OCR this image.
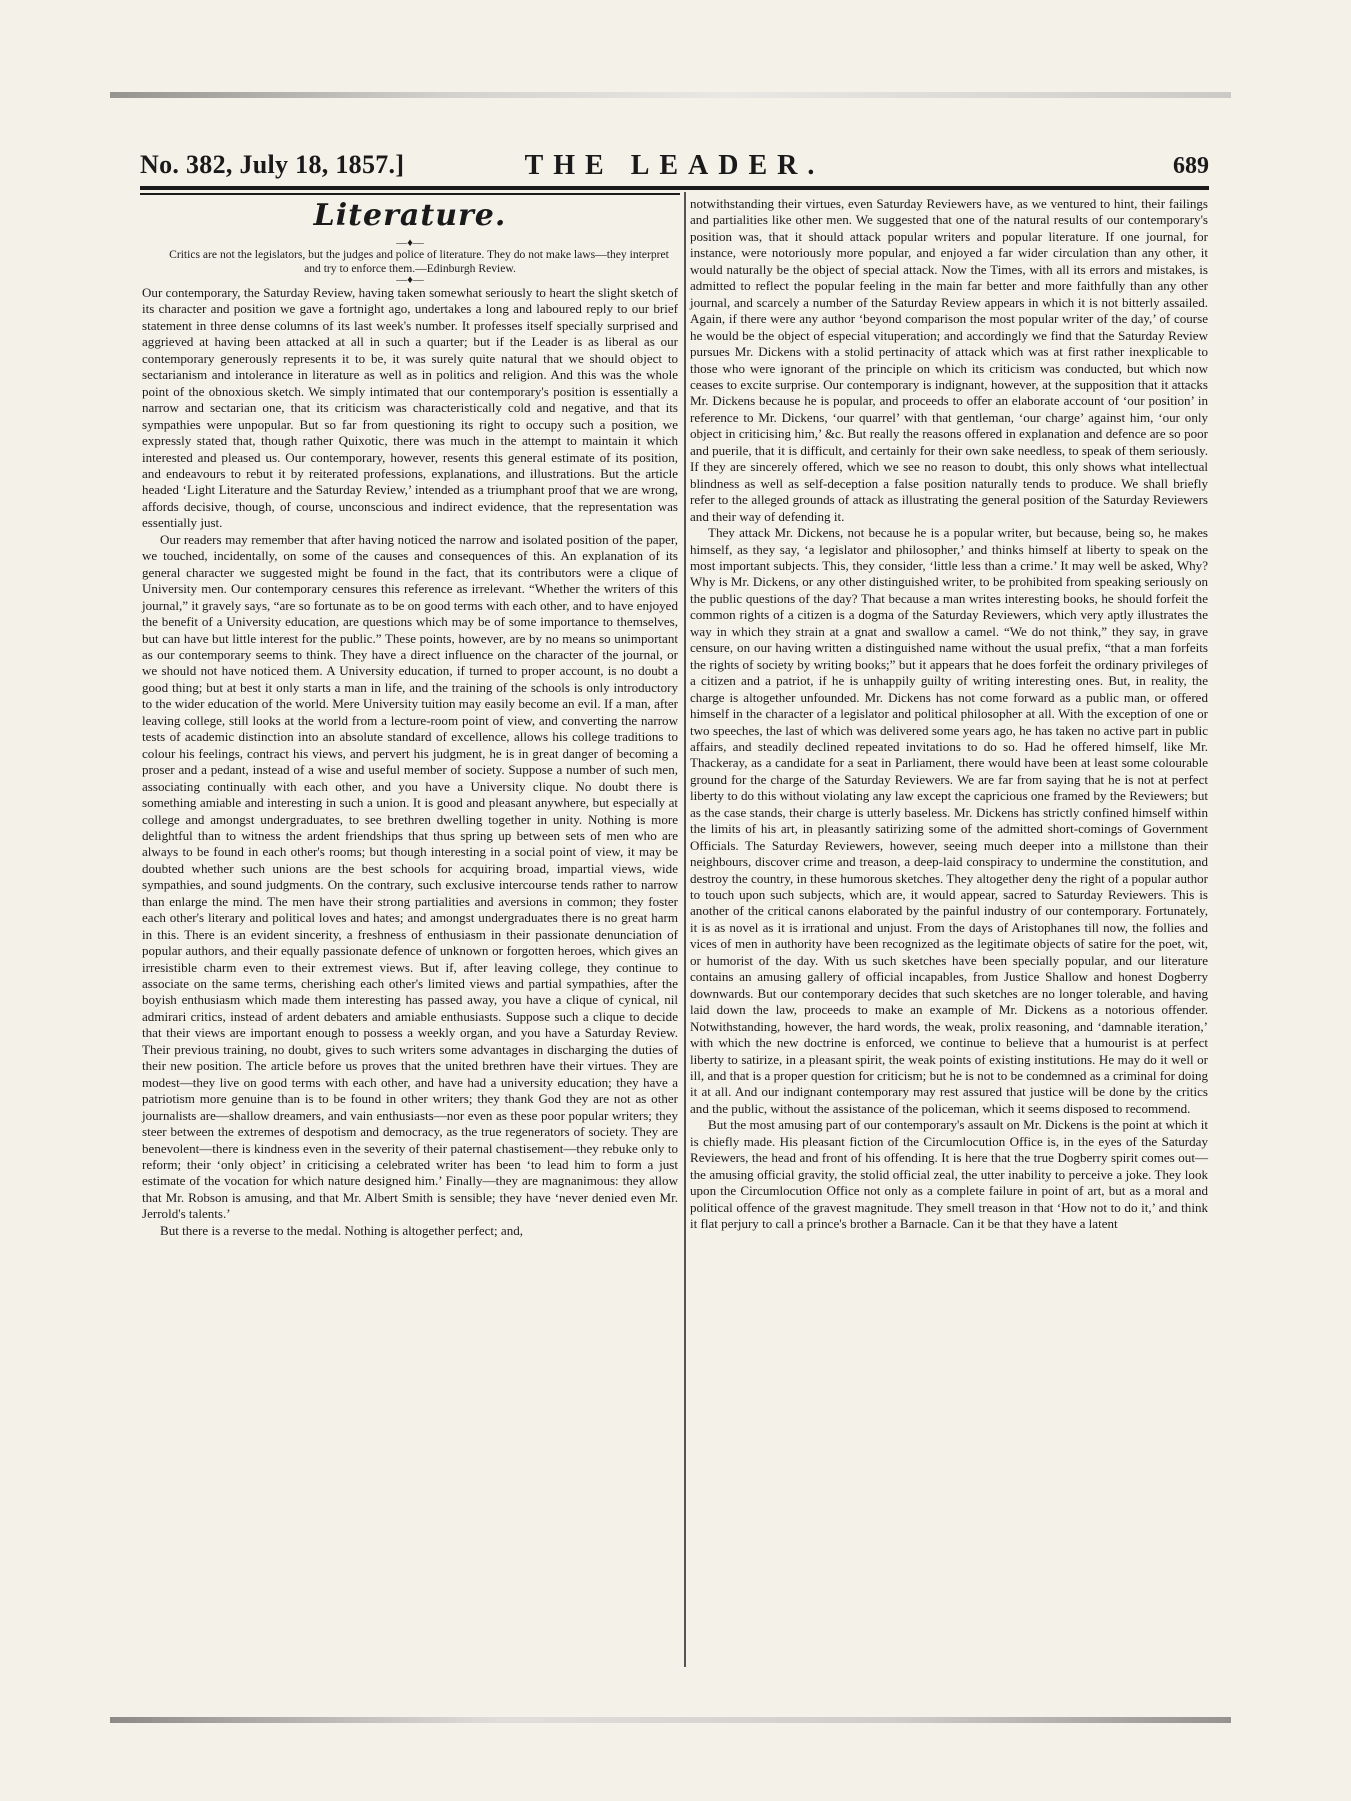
No. 382, July 18, 1857.]	THE LEADER.	689
Literature.
—♦—

Critics are not the legislators, but the judges and police of literature. They do not make laws—they interpret and try to enforce them.—Edinburgh Review.

—♦—

Our contemporary, the Saturday Review, having taken somewhat seriously to heart the slight sketch of its character and position we gave a fortnight ago, undertakes a long and laboured reply to our brief statement in three dense columns of its last week's number. It professes itself specially surprised and aggrieved at having been attacked at all in such a quarter; but if the Leader is as liberal as our contemporary generously represents it to be, it was surely quite natural that we should object to sectarianism and intolerance in literature as well as in politics and religion. And this was the whole point of the obnoxious sketch. We simply intimated that our contemporary's position is essentially a narrow and sectarian one, that its criticism was characteristically cold and negative, and that its sympathies were unpopular. But so far from questioning its right to occupy such a position, we expressly stated that, though rather Quixotic, there was much in the attempt to maintain it which interested and pleased us. Our contemporary, however, resents this general estimate of its position, and endeavours to rebut it by reiterated professions, explanations, and illustrations. But the article headed ‘Light Literature and the Saturday Review,’ intended as a triumphant proof that we are wrong, affords decisive, though, of course, unconscious and indirect evidence, that the representation was essentially just.

Our readers may remember that after having noticed the narrow and isolated position of the paper, we touched, incidentally, on some of the causes and consequences of this. An explanation of its general character we suggested might be found in the fact, that its contributors were a clique of University men. Our contemporary censures this reference as irrelevant. “Whether the writers of this journal,” it gravely says, “are so fortunate as to be on good terms with each other, and to have enjoyed the benefit of a University education, are questions which may be of some importance to themselves, but can have but little interest for the public.” These points, however, are by no means so unimportant as our contemporary seems to think. They have a direct influence on the character of the journal, or we should not have noticed them. A University education, if turned to proper account, is no doubt a good thing; but at best it only starts a man in life, and the training of the schools is only introductory to the wider education of the world. Mere University tuition may easily become an evil. If a man, after leaving college, still looks at the world from a lecture-room point of view, and converting the narrow tests of academic distinction into an absolute standard of excellence, allows his college traditions to colour his feelings, contract his views, and pervert his judgment, he is in great danger of becoming a proser and a pedant, instead of a wise and useful member of society. Suppose a number of such men, associating continually with each other, and you have a University clique. No doubt there is something amiable and interesting in such a union. It is good and pleasant anywhere, but especially at college and amongst undergraduates, to see brethren dwelling together in unity. Nothing is more delightful than to witness the ardent friendships that thus spring up between sets of men who are always to be found in each other's rooms; but though interesting in a social point of view, it may be doubted whether such unions are the best schools for acquiring broad, impartial views, wide sympathies, and sound judgments. On the contrary, such exclusive intercourse tends rather to narrow than enlarge the mind. The men have their strong partialities and aversions in common; they foster each other's literary and political loves and hates; and amongst undergraduates there is no great harm in this. There is an evident sincerity, a freshness of enthusiasm in their passionate denunciation of popular authors, and their equally passionate defence of unknown or forgotten heroes, which gives an irresistible charm even to their extremest views. But if, after leaving college, they continue to associate on the same terms, cherishing each other's limited views and partial sympathies, after the boyish enthusiasm which made them interesting has passed away, you have a clique of cynical, nil admirari critics, instead of ardent debaters and amiable enthusiasts. Suppose such a clique to decide that their views are important enough to possess a weekly organ, and you have a Saturday Review. Their previous training, no doubt, gives to such writers some advantages in discharging the duties of their new position. The article before us proves that the united brethren have their virtues. They are modest—they live on good terms with each other, and have had a university education; they have a patriotism more genuine than is to be found in other writers; they thank God they are not as other journalists are—shallow dreamers, and vain enthusiasts—nor even as these poor popular writers; they steer between the extremes of despotism and democracy, as the true regenerators of society. They are benevolent—there is kindness even in the severity of their paternal chastisement—they rebuke only to reform; their ‘only object’ in criticising a celebrated writer has been ‘to lead him to form a just estimate of the vocation for which nature designed him.’ Finally—they are magnanimous: they allow that Mr. Robson is amusing, and that Mr. Albert Smith is sensible; they have ‘never denied even Mr. Jerrold's talents.’

But there is a reverse to the medal. Nothing is altogether perfect; and,

notwithstanding their virtues, even Saturday Reviewers have, as we ventured to hint, their failings and partialities like other men. We suggested that one of the natural results of our contemporary's position was, that it should attack popular writers and popular literature. If one journal, for instance, were notoriously more popular, and enjoyed a far wider circulation than any other, it would naturally be the object of special attack. Now the Times, with all its errors and mistakes, is admitted to reflect the popular feeling in the main far better and more faithfully than any other journal, and scarcely a number of the Saturday Review appears in which it is not bitterly assailed. Again, if there were any author ‘beyond comparison the most popular writer of the day,’ of course he would be the object of especial vituperation; and accordingly we find that the Saturday Review pursues Mr. Dickens with a stolid pertinacity of attack which was at first rather inexplicable to those who were ignorant of the principle on which its criticism was conducted, but which now ceases to excite surprise. Our contemporary is indignant, however, at the supposition that it attacks Mr. Dickens because he is popular, and proceeds to offer an elaborate account of ‘our position’ in reference to Mr. Dickens, ‘our quarrel’ with that gentleman, ‘our charge’ against him, ‘our only object in criticising him,’ &c. But really the reasons offered in explanation and defence are so poor and puerile, that it is difficult, and certainly for their own sake needless, to speak of them seriously. If they are sincerely offered, which we see no reason to doubt, this only shows what intellectual blindness as well as self-deception a false position naturally tends to produce. We shall briefly refer to the alleged grounds of attack as illustrating the general position of the Saturday Reviewers and their way of defending it.

They attack Mr. Dickens, not because he is a popular writer, but because, being so, he makes himself, as they say, ‘a legislator and philosopher,’ and thinks himself at liberty to speak on the most important subjects. This, they consider, ‘little less than a crime.’ It may well be asked, Why? Why is Mr. Dickens, or any other distinguished writer, to be prohibited from speaking seriously on the public questions of the day? That because a man writes interesting books, he should forfeit the common rights of a citizen is a dogma of the Saturday Reviewers, which very aptly illustrates the way in which they strain at a gnat and swallow a camel. “We do not think,” they say, in grave censure, on our having written a distinguished name without the usual prefix, “that a man forfeits the rights of society by writing books;” but it appears that he does forfeit the ordinary privileges of a citizen and a patriot, if he is unhappily guilty of writing interesting ones. But, in reality, the charge is altogether unfounded. Mr. Dickens has not come forward as a public man, or offered himself in the character of a legislator and political philosopher at all. With the exception of one or two speeches, the last of which was delivered some years ago, he has taken no active part in public affairs, and steadily declined repeated invitations to do so. Had he offered himself, like Mr. Thackeray, as a candidate for a seat in Parliament, there would have been at least some colourable ground for the charge of the Saturday Reviewers. We are far from saying that he is not at perfect liberty to do this without violating any law except the capricious one framed by the Reviewers; but as the case stands, their charge is utterly baseless. Mr. Dickens has strictly confined himself within the limits of his art, in pleasantly satirizing some of the admitted short-comings of Government Officials. The Saturday Reviewers, however, seeing much deeper into a millstone than their neighbours, discover crime and treason, a deep-laid conspiracy to undermine the constitution, and destroy the country, in these humorous sketches. They altogether deny the right of a popular author to touch upon such subjects, which are, it would appear, sacred to Saturday Reviewers. This is another of the critical canons elaborated by the painful industry of our contemporary. Fortunately, it is as novel as it is irrational and unjust. From the days of Aristophanes till now, the follies and vices of men in authority have been recognized as the legitimate objects of satire for the poet, wit, or humorist of the day. With us such sketches have been specially popular, and our literature contains an amusing gallery of official incapables, from Justice Shallow and honest Dogberry downwards. But our contemporary decides that such sketches are no longer tolerable, and having laid down the law, proceeds to make an example of Mr. Dickens as a notorious offender. Notwithstanding, however, the hard words, the weak, prolix reasoning, and ‘damnable iteration,’ with which the new doctrine is enforced, we continue to believe that a humourist is at perfect liberty to satirize, in a pleasant spirit, the weak points of existing institutions. He may do it well or ill, and that is a proper question for criticism; but he is not to be condemned as a criminal for doing it at all. And our indignant contemporary may rest assured that justice will be done by the critics and the public, without the assistance of the policeman, which it seems disposed to recommend.

But the most amusing part of our contemporary's assault on Mr. Dickens is the point at which it is chiefly made. His pleasant fiction of the Circumlocution Office is, in the eyes of the Saturday Reviewers, the head and front of his offending. It is here that the true Dogberry spirit comes out—the amusing official gravity, the stolid official zeal, the utter inability to perceive a joke. They look upon the Circumlocution Office not only as a complete failure in point of art, but as a moral and political offence of the gravest magnitude. They smell treason in that ‘How not to do it,’ and think it flat perjury to call a prince's brother a Barnacle. Can it be that they have a latent
